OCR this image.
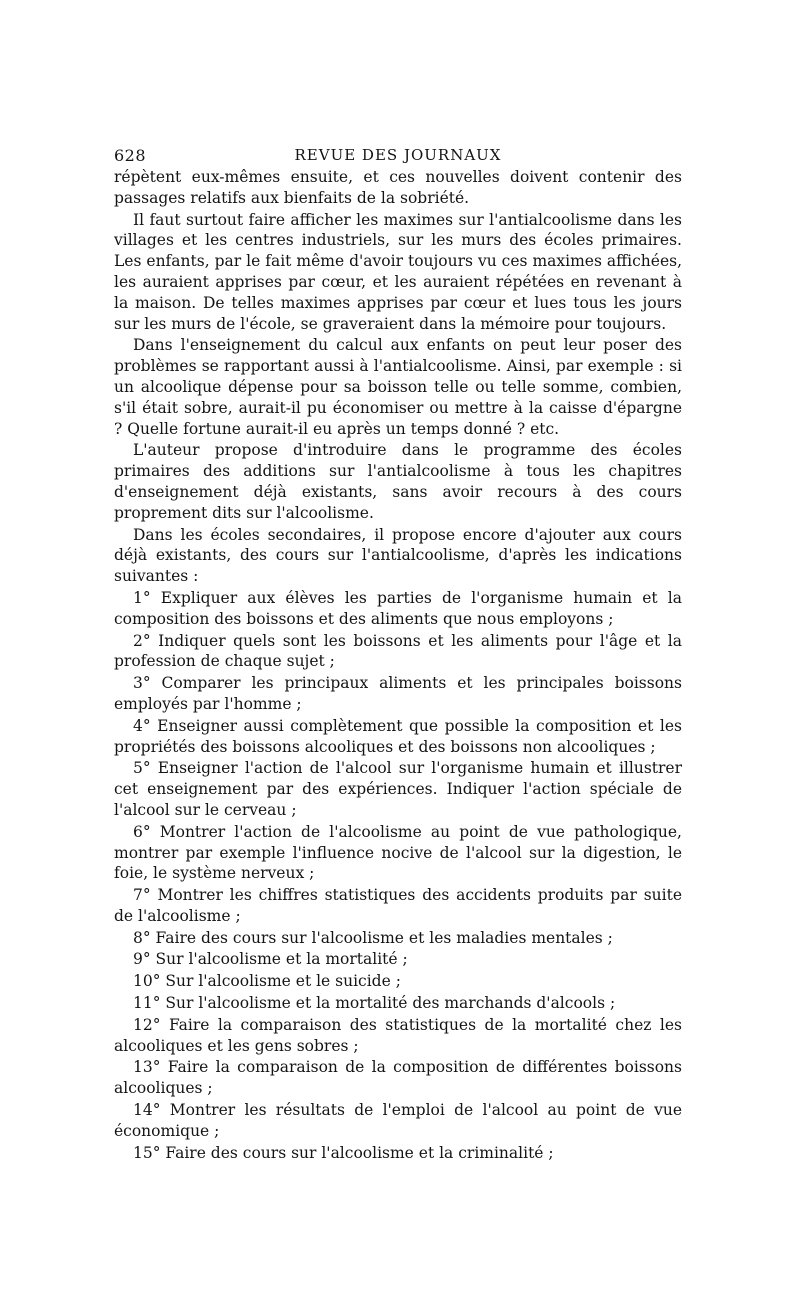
628	REVUE DES JOURNAUX

répètent eux-mêmes ensuite, et ces nouvelles doivent contenir des passages relatifs aux bienfaits de la sobriété.

Il faut surtout faire afficher les maximes sur l'antialcoolisme dans les villages et les centres industriels, sur les murs des écoles primaires. Les enfants, par le fait même d'avoir toujours vu ces maximes affichées, les auraient apprises par cœur, et les auraient répétées en revenant à la maison. De telles maximes apprises par cœur et lues tous les jours sur les murs de l'école, se graveraient dans la mémoire pour toujours.

Dans l'enseignement du calcul aux enfants on peut leur poser des problèmes se rapportant aussi à l'antialcoolisme. Ainsi, par exemple : si un alcoolique dépense pour sa boisson telle ou telle somme, combien, s'il était sobre, aurait-il pu économiser ou mettre à la caisse d'épargne ? Quelle fortune aurait-il eu après un temps donné ? etc.

L'auteur propose d'introduire dans le programme des écoles primaires des additions sur l'antialcoolisme à tous les chapitres d'enseignement déjà existants, sans avoir recours à des cours proprement dits sur l'alcoolisme.

Dans les écoles secondaires, il propose encore d'ajouter aux cours déjà existants, des cours sur l'antialcoolisme, d'après les indications suivantes :

1° Expliquer aux élèves les parties de l'organisme humain et la composition des boissons et des aliments que nous employons ;

2° Indiquer quels sont les boissons et les aliments pour l'âge et la profession de chaque sujet ;

3° Comparer les principaux aliments et les principales boissons employés par l'homme ;

4° Enseigner aussi complètement que possible la composition et les propriétés des boissons alcooliques et des boissons non alcooliques ;

5° Enseigner l'action de l'alcool sur l'organisme humain et illustrer cet enseignement par des expériences. Indiquer l'action spéciale de l'alcool sur le cerveau ;

6° Montrer l'action de l'alcoolisme au point de vue pathologique, montrer par exemple l'influence nocive de l'alcool sur la digestion, le foie, le système nerveux ;

7° Montrer les chiffres statistiques des accidents produits par suite de l'alcoolisme ;

8° Faire des cours sur l'alcoolisme et les maladies mentales ;

9° Sur l'alcoolisme et la mortalité ;

10° Sur l'alcoolisme et le suicide ;

11° Sur l'alcoolisme et la mortalité des marchands d'alcools ;

12° Faire la comparaison des statistiques de la mortalité chez les alcooliques et les gens sobres ;

13° Faire la comparaison de la composition de différentes boissons alcooliques ;

14° Montrer les résultats de l'emploi de l'alcool au point de vue économique ;

15° Faire des cours sur l'alcoolisme et la criminalité ;
